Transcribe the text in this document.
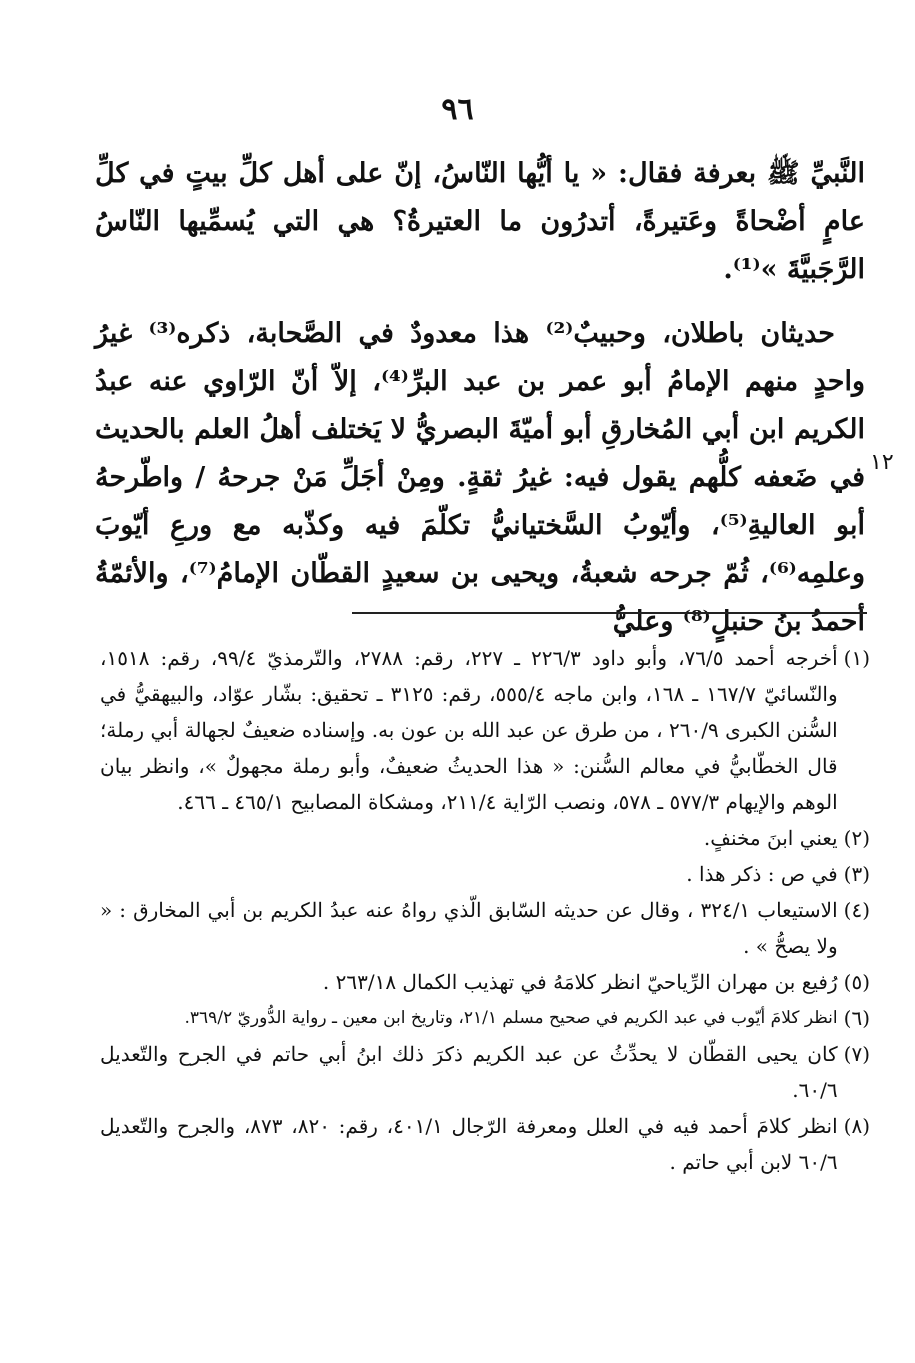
٩٦
١٢

النَّبيِّ ﷺ بعرفة فقال: « يا أيُّها النّاسُ، إنّ على أهل كلِّ بيتٍ في كلِّ عامٍ أضْحاةً وعَتيرةً، أتدرُون ما العتيرةُ؟ هي التي يُسمِّيها النّاسُ الرَّجَبيَّةَ »⁽¹⁾.

حديثان باطلان، وحبيبٌ⁽²⁾ هذا معدودٌ في الصَّحابة، ذكره⁽³⁾ غيرُ واحدٍ منهم الإمامُ أبو عمر بن عبد البرِّ⁽⁴⁾، إلاّ أنّ الرّاوي عنه عبدُ الكريم ابن أبي المُخارقِ أبو أميّةَ البصريُّ لا يَختلف أهلُ العلم بالحديث في ضَعفه كلُّهم يقول فيه: غيرُ ثقةٍ. ومِنْ أجَلِّ مَنْ جرحهُ / واطّرحهُ أبو العاليةِ⁽⁵⁾، وأيّوبُ السَّختيانيُّ تكلّمَ فيه وكذّبه مع ورعِ أيّوبَ وعلمِه⁽⁶⁾، ثُمّ جرحه شعبةُ، ويحيى بن سعيدٍ القطّان الإمامُ⁽⁷⁾، والأئمّةُ أحمدُ بنُ حنبلٍ⁽⁸⁾ وعليُّ

(١)
أخرجه أحمد ٧٦/٥، وأبو داود ٢٢٦/٣ ـ ٢٢٧، رقم: ٢٧٨٨، والتّرمذيّ ٩٩/٤، رقم: ١٥١٨، والنّسائيّ ١٦٧/٧ ـ ١٦٨، وابن ماجه ٥٥٥/٤، رقم: ٣١٢٥ ـ تحقيق: بشّار عوّاد، والبيهقيُّ في السُّنن الكبرى ٢٦٠/٩ ، من طرق عن عبد الله بن عون به. وإسناده ضعيفٌ لجهالة أبي رملة؛ قال الخطّابيُّ في معالم السُّنن: « هذا الحديثُ ضعيفٌ، وأبو رملة مجهولٌ »، وانظر بيان الوهم والإيهام ٥٧٧/٣ ـ ٥٧٨، ونصب الرّاية ٢١١/٤، ومشكاة المصابيح ٤٦٥/١ ـ ٤٦٦.
(٢)
يعني ابنَ مخنفٍ.
(٣)
في ص : ذكر هذا .
(٤)
الاستيعاب ٣٢٤/١ ، وقال عن حديثه السّابق الّذي رواهُ عنه عبدُ الكريم بن أبي المخارق : « ولا يصحُّ » .
(٥)
رُفيع بن مهران الرِّياحيّ انظر كلامَهُ في تهذيب الكمال ٢٦٣/١٨ .
(٦)
انظر كلامَ أيّوب في عبد الكريم في صحيح مسلم ٢١/١، وتاريخ ابن معين ـ رواية الدُّوريّ ٣٦٩/٢.
(٧)
كان يحيى القطّان لا يحدِّثُ عن عبد الكريم ذكرَ ذلك ابنُ أبي حاتم في الجرح والتّعديل ٦٠/٦.
(٨)
انظر كلامَ أحمد فيه في العلل ومعرفة الرّجال ٤٠١/١، رقم: ٨٢٠، ٨٧٣، والجرح والتّعديل ٦٠/٦ لابن أبي حاتم .
